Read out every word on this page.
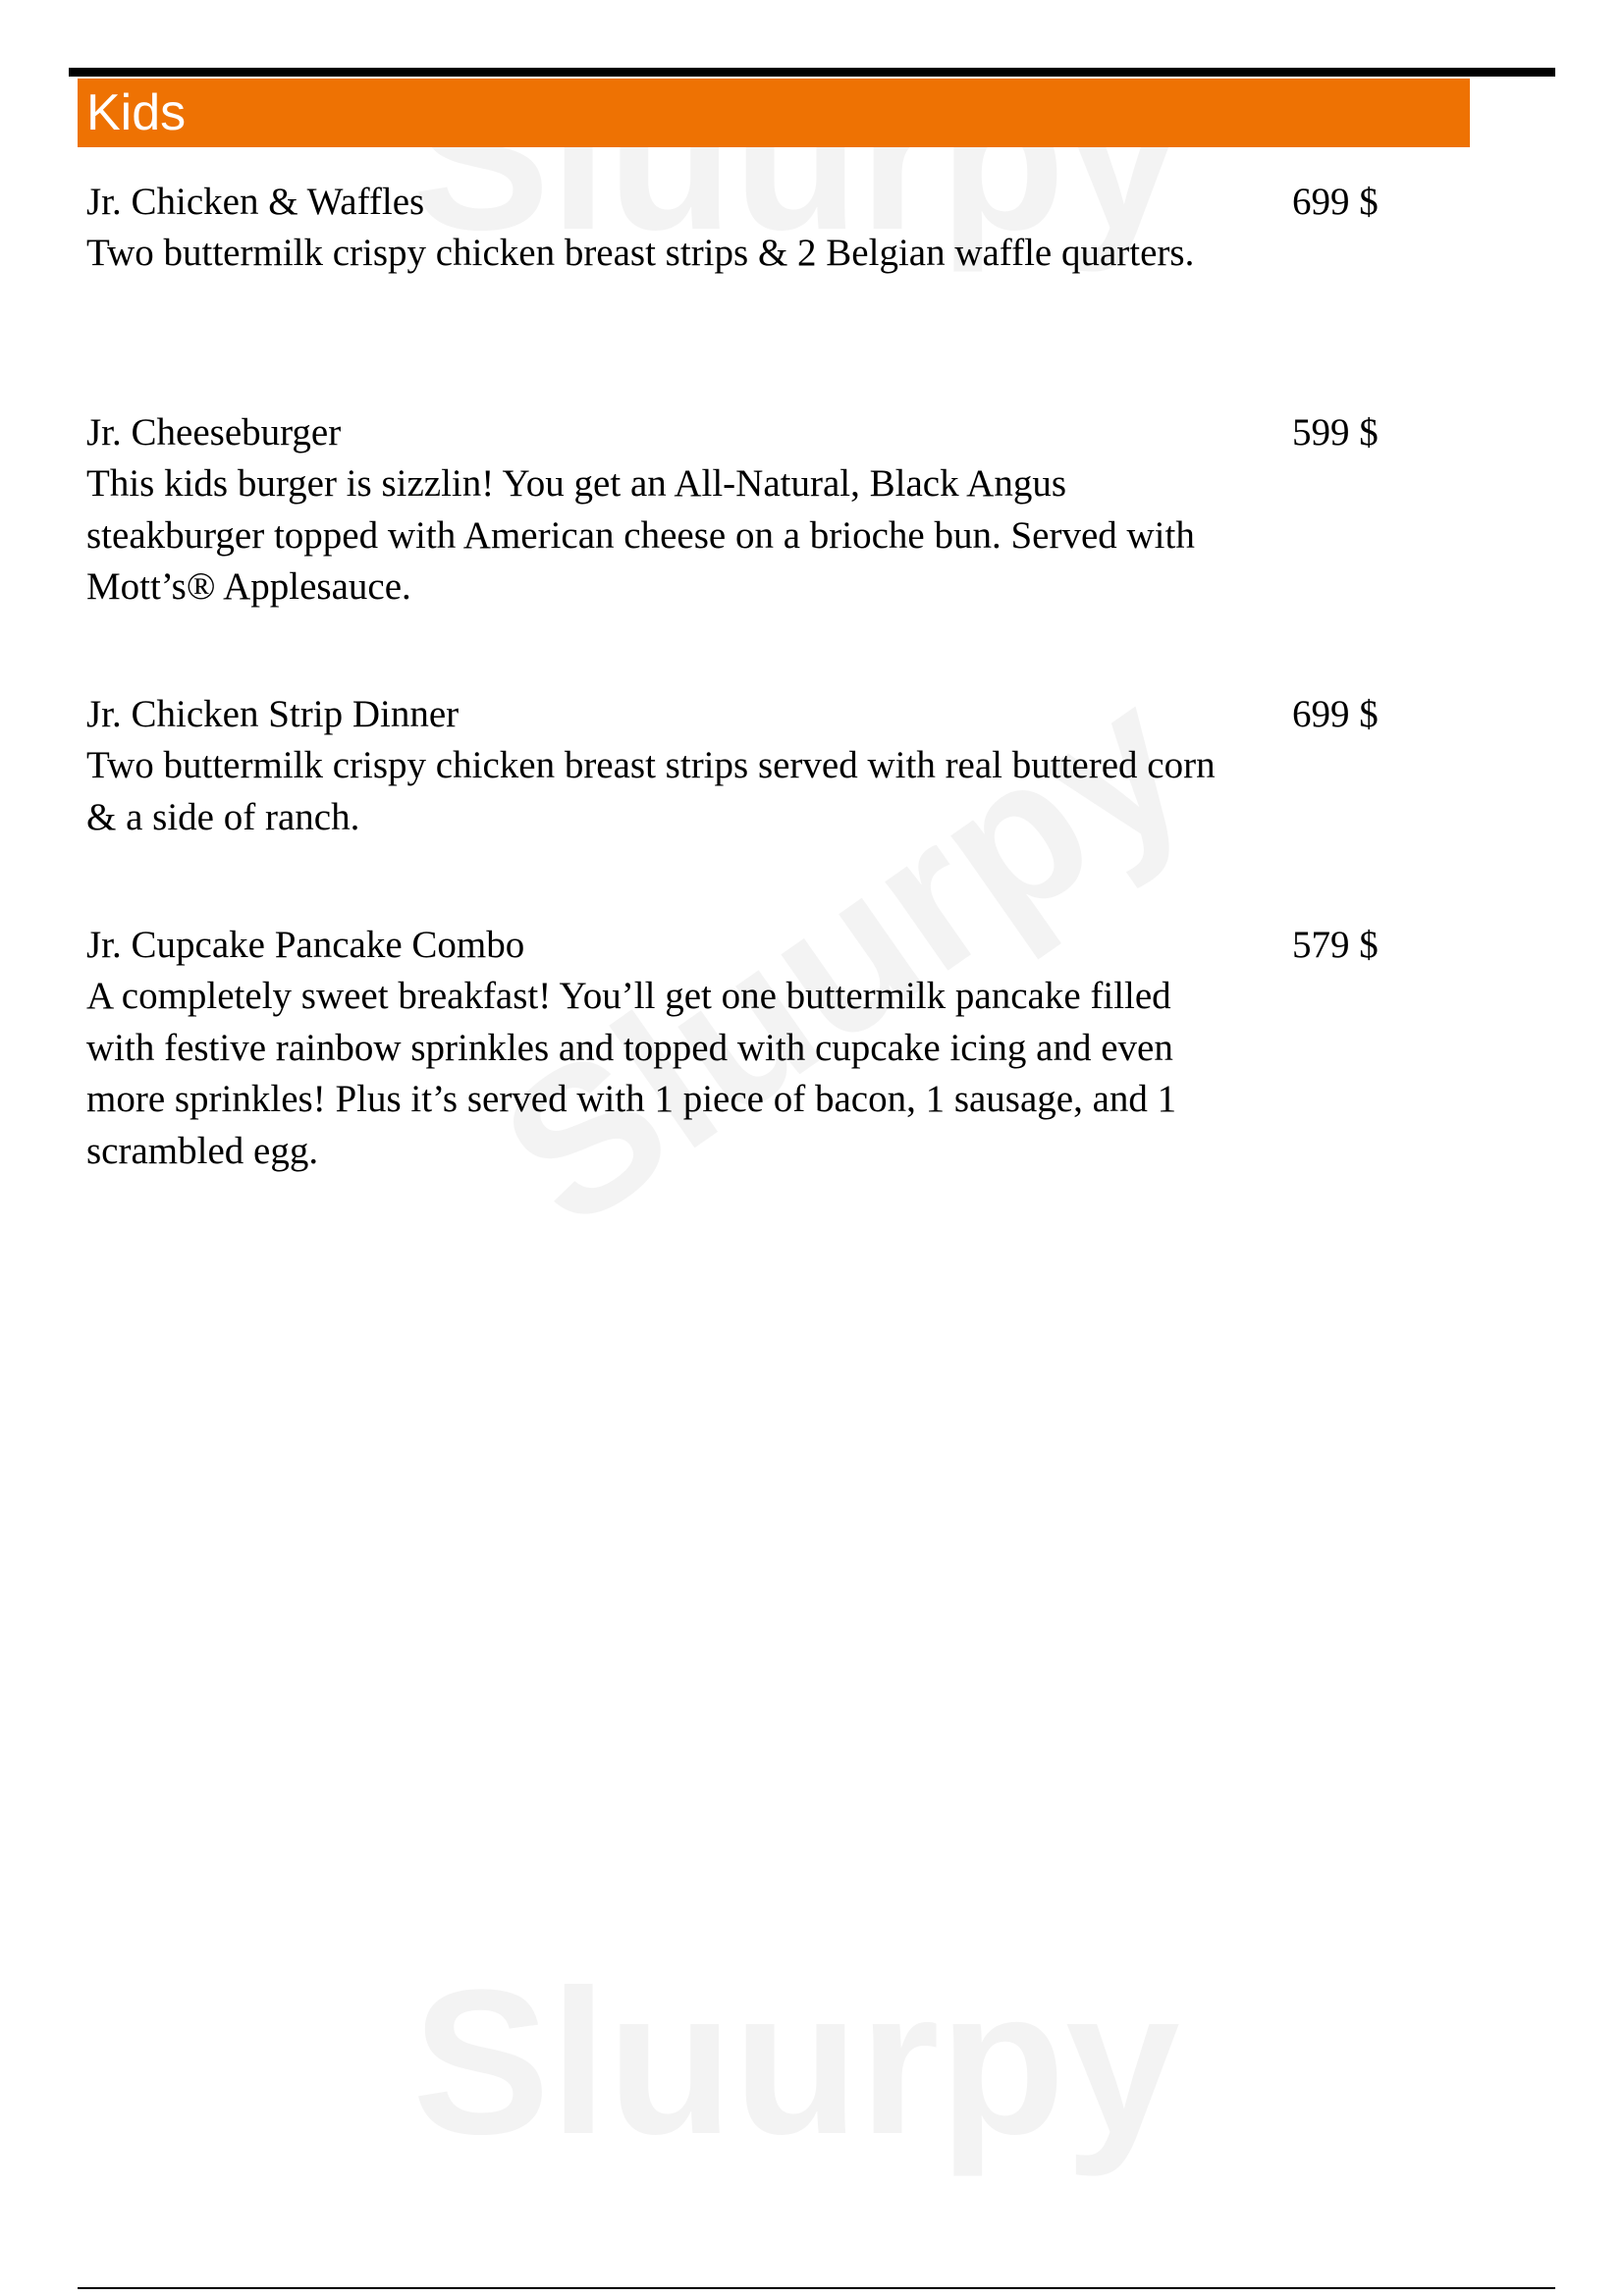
Kids
Jr. Chicken & Waffles
Two buttermilk crispy chicken breast strips & 2 Belgian waffle quarters.
699 $
Jr. Cheeseburger
This kids burger is sizzlin! You get an All-Natural, Black Angus steakburger topped with American cheese on a brioche bun. Served with Mott’s® Applesauce.
599 $
Jr. Chicken Strip Dinner
Two buttermilk crispy chicken breast strips served with real buttered corn & a side of ranch.
699 $
Jr. Cupcake Pancake Combo
A completely sweet breakfast! You’ll get one buttermilk pancake filled with festive rainbow sprinkles and topped with cupcake icing and even more sprinkles! Plus it’s served with 1 piece of bacon, 1 sausage, and 1 scrambled egg.
579 $
